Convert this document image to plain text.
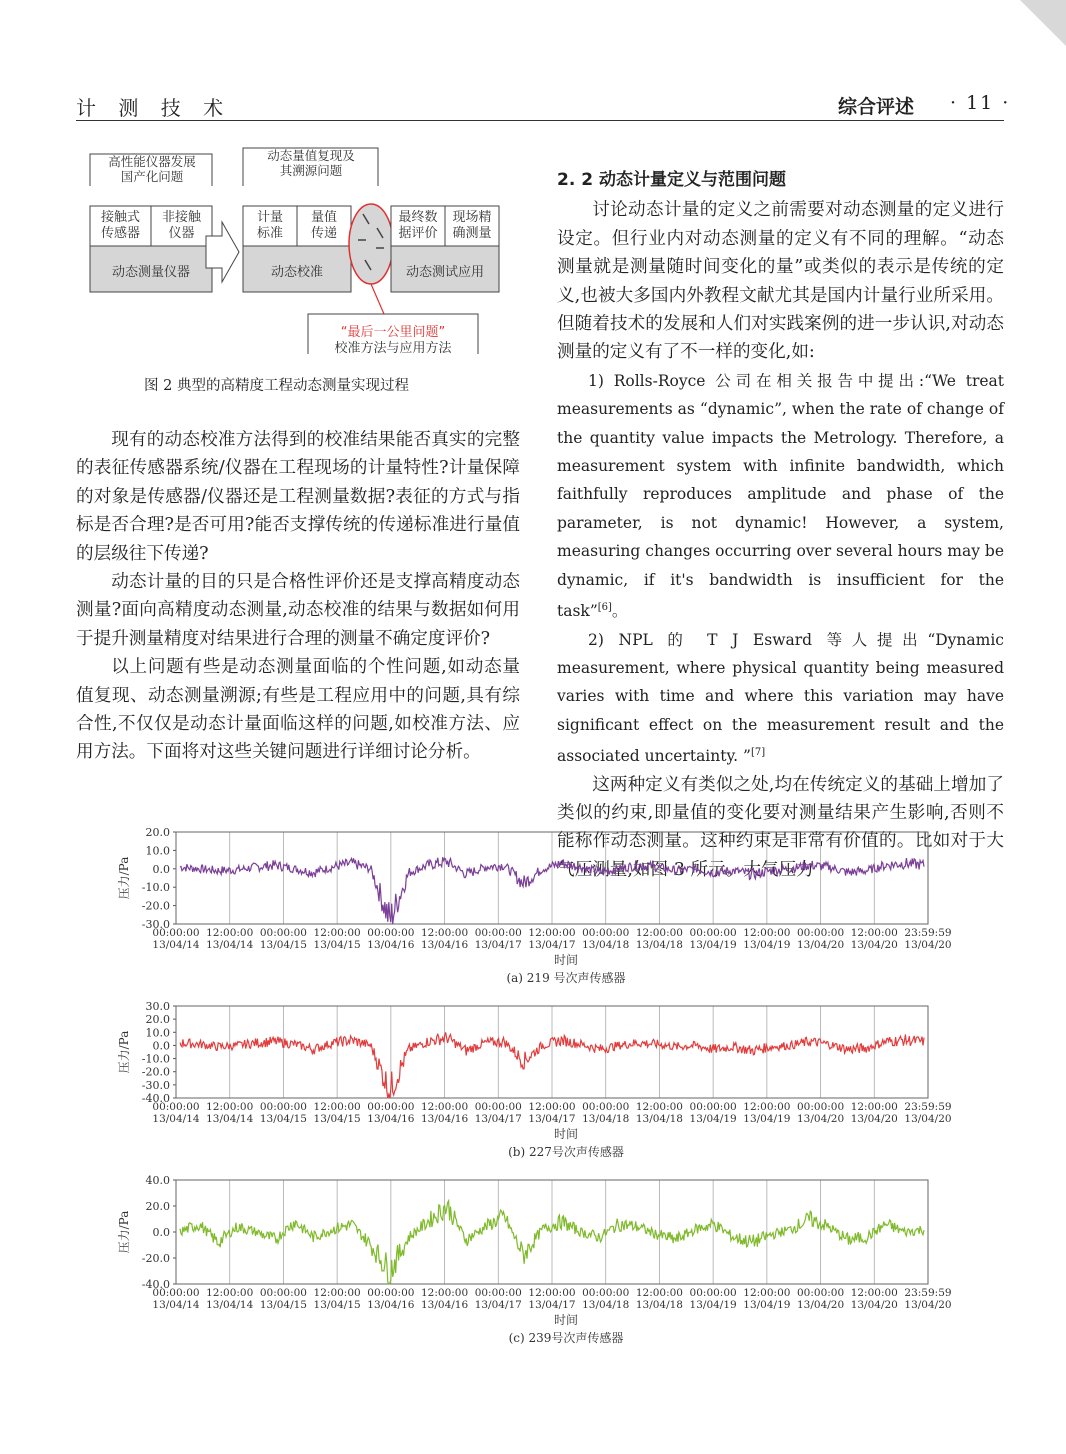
计 测 技 术	综合评述 · 11 ·
高性能仪器发展
国产化问题
动态量值复现及
其溯源问题
接触式
传感器
非接触
仪器
动态测量仪器
计量
标准
量值
传递
动态校准
最终数
据评价
现场精
确测量
动态测试应用
“最后一公里问题”
校准方法与应用方法
图 2 典型的高精度工程动态测量实现过程

现有的动态校准方法得到的校准结果能否真实的完整的表征传感器系统/仪器在工程现场的计量特性?计量保障的对象是传感器/仪器还是工程测量数据?表征的方式与指标是否合理?是否可用?能否支撑传统的传递标准进行量值的层级往下传递?

动态计量的目的只是合格性评价还是支撑高精度动态测量?面向高精度动态测量,动态校准的结果与数据如何用于提升测量精度对结果进行合理的测量不确定度评价?

以上问题有些是动态测量面临的个性问题,如动态量值复现、动态测量溯源;有些是工程应用中的问题,具有综合性,不仅仅是动态计量面临这样的问题,如校准方法、应用方法。下面将对这些关键问题进行详细讨论分析。

2. 2 动态计量定义与范围问题

讨论动态计量的定义之前需要对动态测量的定义进行设定。但行业内对动态测量的定义有不同的理解。“动态测量就是测量随时间变化的量”或类似的表示是传统的定义,也被大多国内外教程文献尤其是国内计量行业所采用。但随着技术的发展和人们对实践案例的进一步认识,对动态测量的定义有了不一样的变化,如:

1) Rolls-Royce 公司在相关报告中提出:“We treat measurements as “dynamic”, when the rate of change of the quantity value impacts the Metrology. Therefore, a measurement system with infinite bandwidth, which faithfully reproduces amplitude and phase of the parameter, is not dynamic! However, a system, measuring changes occurring over several hours may be dynamic, if it's bandwidth is insufficient for the task”[6]。

2) NPL 的 T J Esward 等人提出“Dynamic measurement, where physical quantity being measured varies with time and where this variation may have significant effect on the measurement result and the associated uncertainty. ”[7]

这两种定义有类似之处,均在传统定义的基础上增加了类似的约束,即量值的变化要对测量结果产生影响,否则不能称作动态测量。这种约束是非常有价值的。比如对于大气压测量,如图 3 所示。大气压力

20.0
10.0
0.0
-10.0
-20.0
-30.0
压力/Pa
00:00:00
13/04/14
12:00:00
13/04/14
00:00:00
13/04/15
12:00:00
13/04/15
00:00:00
13/04/16
12:00:00
13/04/16
00:00:00
13/04/17
12:00:00
13/04/17
00:00:00
13/04/18
12:00:00
13/04/18
00:00:00
13/04/19
12:00:00
13/04/19
00:00:00
13/04/20
12:00:00
13/04/20
23:59:59
13/04/20
时间
(a) 219 号次声传感器
30.0
20.0
10.0
0.0
-10.0
-20.0
-30.0
-40.0
压力/Pa
00:00:00
13/04/14
12:00:00
13/04/14
00:00:00
13/04/15
12:00:00
13/04/15
00:00:00
13/04/16
12:00:00
13/04/16
00:00:00
13/04/17
12:00:00
13/04/17
00:00:00
13/04/18
12:00:00
13/04/18
00:00:00
13/04/19
12:00:00
13/04/19
00:00:00
13/04/20
12:00:00
13/04/20
23:59:59
13/04/20
时间
(b) 227号次声传感器
40.0
20.0
0.0
-20.0
-40.0
压力/Pa
00:00:00
13/04/14
12:00:00
13/04/14
00:00:00
13/04/15
12:00:00
13/04/15
00:00:00
13/04/16
12:00:00
13/04/16
00:00:00
13/04/17
12:00:00
13/04/17
00:00:00
13/04/18
12:00:00
13/04/18
00:00:00
13/04/19
12:00:00
13/04/19
00:00:00
13/04/20
12:00:00
13/04/20
23:59:59
13/04/20
时间
(c) 239号次声传感器
